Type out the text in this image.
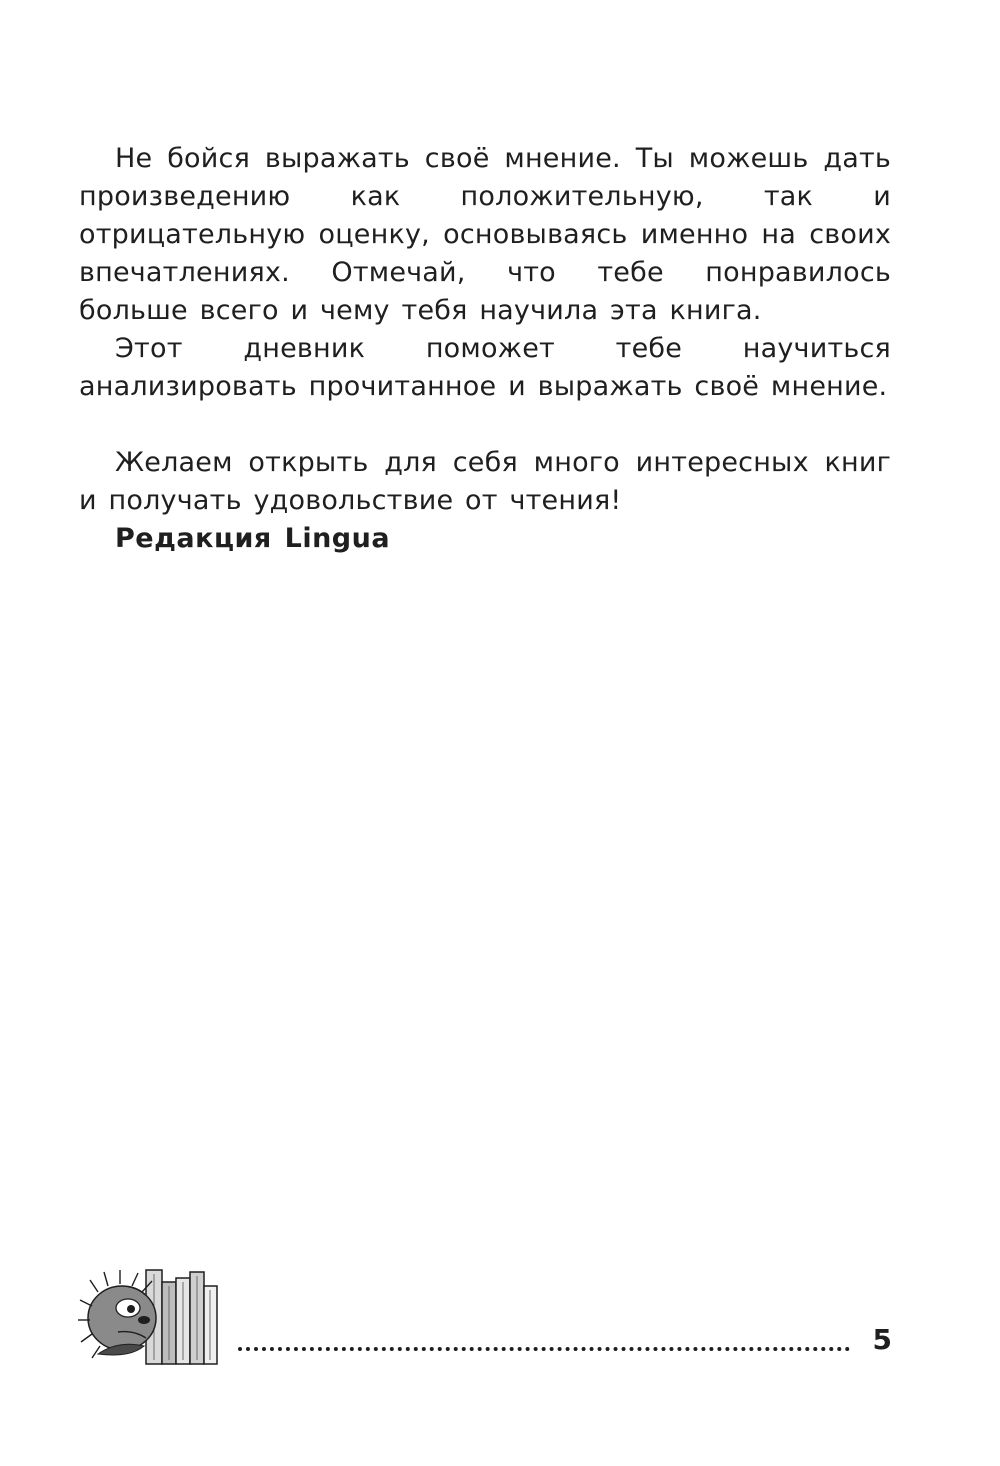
Не бойся выражать своё мнение. Ты можешь дать произведению как положительную, так и отрицательную оценку, основываясь именно на своих впечатлениях. Отмечай, что тебе понравилось больше всего и чему тебя научила эта книга.

Этот дневник поможет тебе научиться анализировать прочитанное и выражать своё мнение.

Желаем открыть для себя много интересных книг и получать удовольствие от чтения!

Редакция Lingua

5
